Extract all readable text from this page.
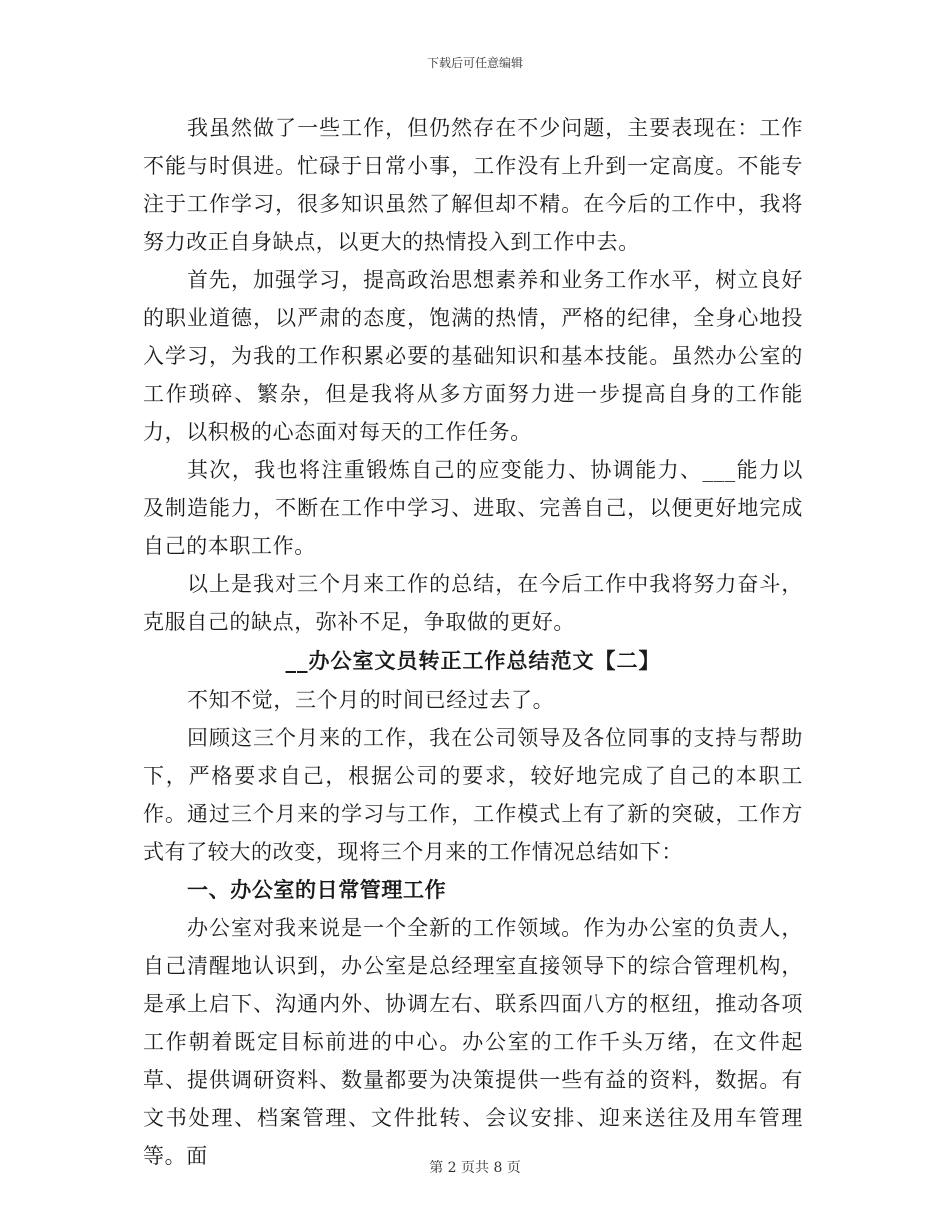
下载后可任意编辑

我虽然做了一些工作，但仍然存在不少问题，主要表现在：工作不能与时俱进。忙碌于日常小事，工作没有上升到一定高度。不能专注于工作学习，很多知识虽然了解但却不精。在今后的工作中，我将努力改正自身缺点，以更大的热情投入到工作中去。

首先，加强学习，提高政治思想素养和业务工作水平，树立良好的职业道德，以严肃的态度，饱满的热情，严格的纪律，全身心地投入学习，为我的工作积累必要的基础知识和基本技能。虽然办公室的工作琐碎、繁杂，但是我将从多方面努力进一步提高自身的工作能力，以积极的心态面对每天的工作任务。

其次，我也将注重锻炼自己的应变能力、协调能力、___能力以及制造能力，不断在工作中学习、进取、完善自己，以便更好地完成自己的本职工作。

以上是我对三个月来工作的总结，在今后工作中我将努力奋斗，克服自己的缺点，弥补不足，争取做的更好。

__办公室文员转正工作总结范文【二】

不知不觉，三个月的时间已经过去了。

回顾这三个月来的工作，我在公司领导及各位同事的支持与帮助下，严格要求自己，根据公司的要求，较好地完成了自己的本职工作。通过三个月来的学习与工作，工作模式上有了新的突破，工作方式有了较大的改变，现将三个月来的工作情况总结如下：

一、办公室的日常管理工作

办公室对我来说是一个全新的工作领域。作为办公室的负责人，自己清醒地认识到，办公室是总经理室直接领导下的综合管理机构，是承上启下、沟通内外、协调左右、联系四面八方的枢纽，推动各项工作朝着既定目标前进的中心。办公室的工作千头万绪，在文件起草、提供调研资料、数量都要为决策提供一些有益的资料，数据。有文书处理、档案管理、文件批转、会议安排、迎来送往及用车管理等。面	第 2 页共 8 页
